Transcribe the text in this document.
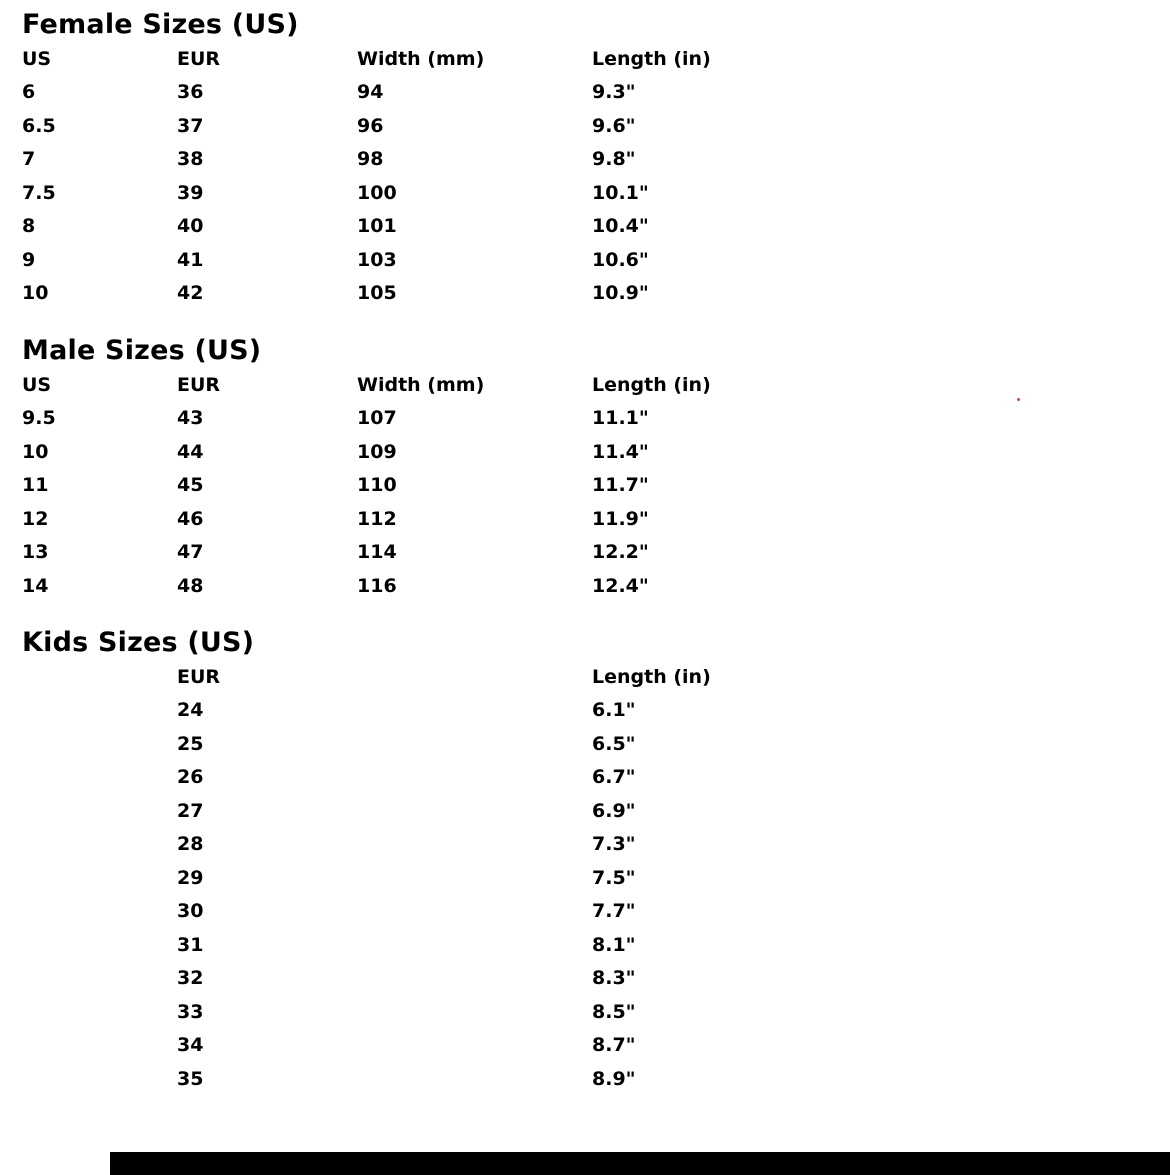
Female Sizes (US)
US	EUR	Width (mm)	Length (in)
6	36	94	9.3"
6.5	37	96	9.6"
7	38	98	9.8"
7.5	39	100	10.1"
8	40	101	10.4"
9	41	103	10.6"
10	42	105	10.9"
Male Sizes (US)
US	EUR	Width (mm)	Length (in)
9.5	43	107	11.1"
10	44	109	11.4"
11	45	110	11.7"
12	46	112	11.9"
13	47	114	12.2"
14	48	116	12.4"
Kids Sizes (US)
	EUR		Length (in)
	24		6.1"
	25		6.5"
	26		6.7"
	27		6.9"
	28		7.3"
	29		7.5"
	30		7.7"
	31		8.1"
	32		8.3"
	33		8.5"
	34		8.7"
	35		8.9"
